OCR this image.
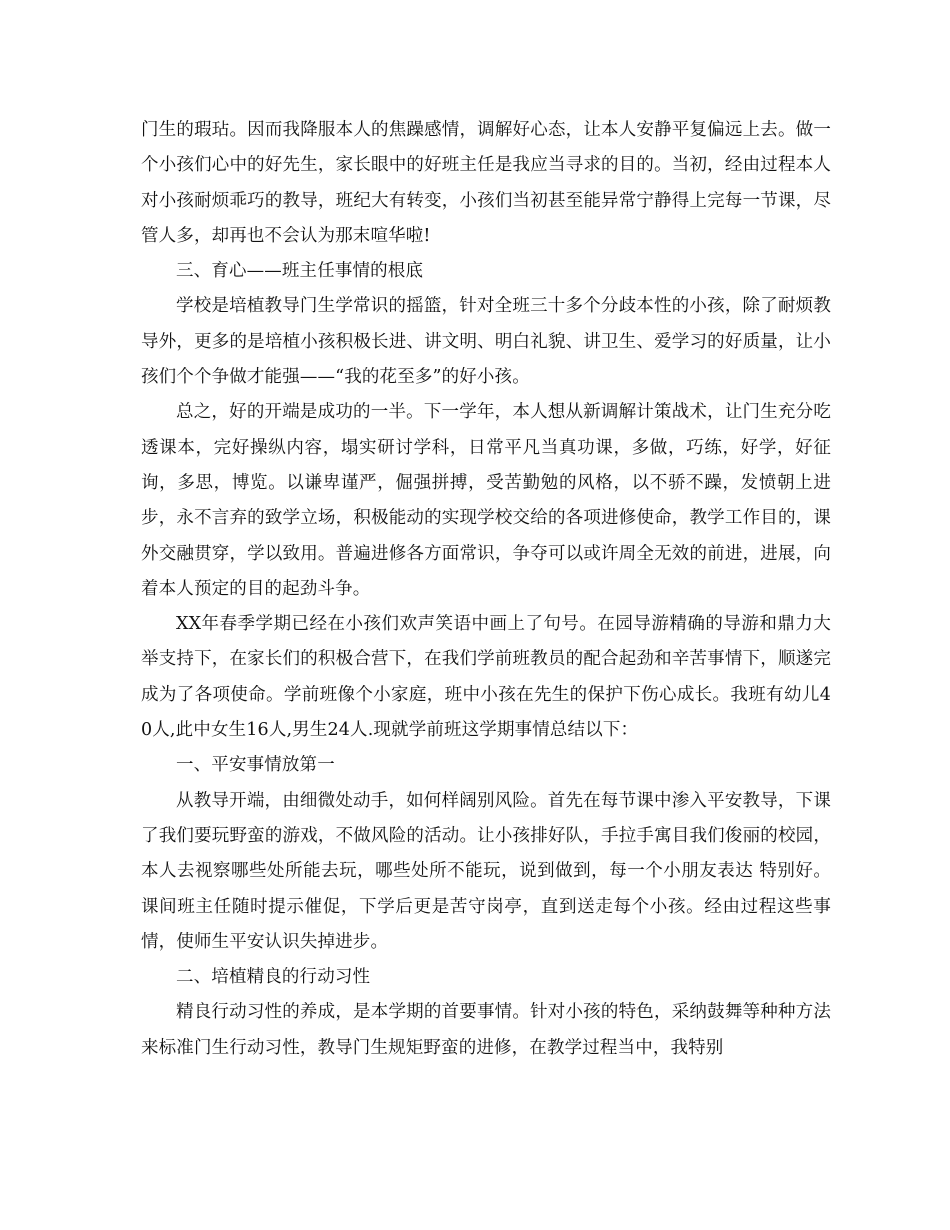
门生的瑕玷。因而我降服本人的焦躁感情，调解好心态，让本人安静平复偏远上去。做一个小孩们心中的好先生，家长眼中的好班主任是我应当寻求的目的。当初，经由过程本人对小孩耐烦乖巧的教导，班纪大有转变，小孩们当初甚至能异常宁静得上完每一节课，尽管人多，却再也不会认为那末喧华啦!

三、育心——班主任事情的根底

学校是培植教导门生学常识的摇篮，针对全班三十多个分歧本性的小孩，除了耐烦教导外，更多的是培植小孩积极长进、讲文明、明白礼貌、讲卫生、爱学习的好质量，让小孩们个个争做才能强——“我的花至多”的好小孩。

总之，好的开端是成功的一半。下一学年，本人想从新调解计策战术，让门生充分吃透课本，完好操纵内容，塌实研讨学科，日常平凡当真功课，多做，巧练，好学，好征询，多思，博览。以谦卑谨严，倔强拼搏，受苦勤勉的风格，以不骄不躁，发愤朝上进步，永不言弃的致学立场，积极能动的实现学校交给的各项进修使命，教学工作目的，课外交融贯穿，学以致用。普遍进修各方面常识，争夺可以或许周全无效的前进，进展，向着本人预定的目的起劲斗争。

XX年春季学期已经在小孩们欢声笑语中画上了句号。在园导游精确的导游和鼎力大举支持下，在家长们的积极合营下，在我们学前班教员的配合起劲和辛苦事情下，顺遂完成为了各项使命。学前班像个小家庭，班中小孩在先生的保护下伤心成长。我班有幼儿40人,此中女生16人,男生24人.现就学前班这学期事情总结以下：

一、平安事情放第一

从教导开端，由细微处动手，如何样阔别风险。首先在每节课中渗入平安教导，下课了我们要玩野蛮的游戏，不做风险的活动。让小孩排好队，手拉手寓目我们俊丽的校园，本人去视察哪些处所能去玩，哪些处所不能玩，说到做到，每一个小朋友表达 特别好。课间班主任随时提示催促，下学后更是苦守岗亭，直到送走每个小孩。经由过程这些事情，使师生平安认识失掉进步。

二、培植精良的行动习性

精良行动习性的养成，是本学期的首要事情。针对小孩的特色，采纳鼓舞等种种方法来标准门生行动习性，教导门生规矩野蛮的进修，在教学过程当中，我特别
